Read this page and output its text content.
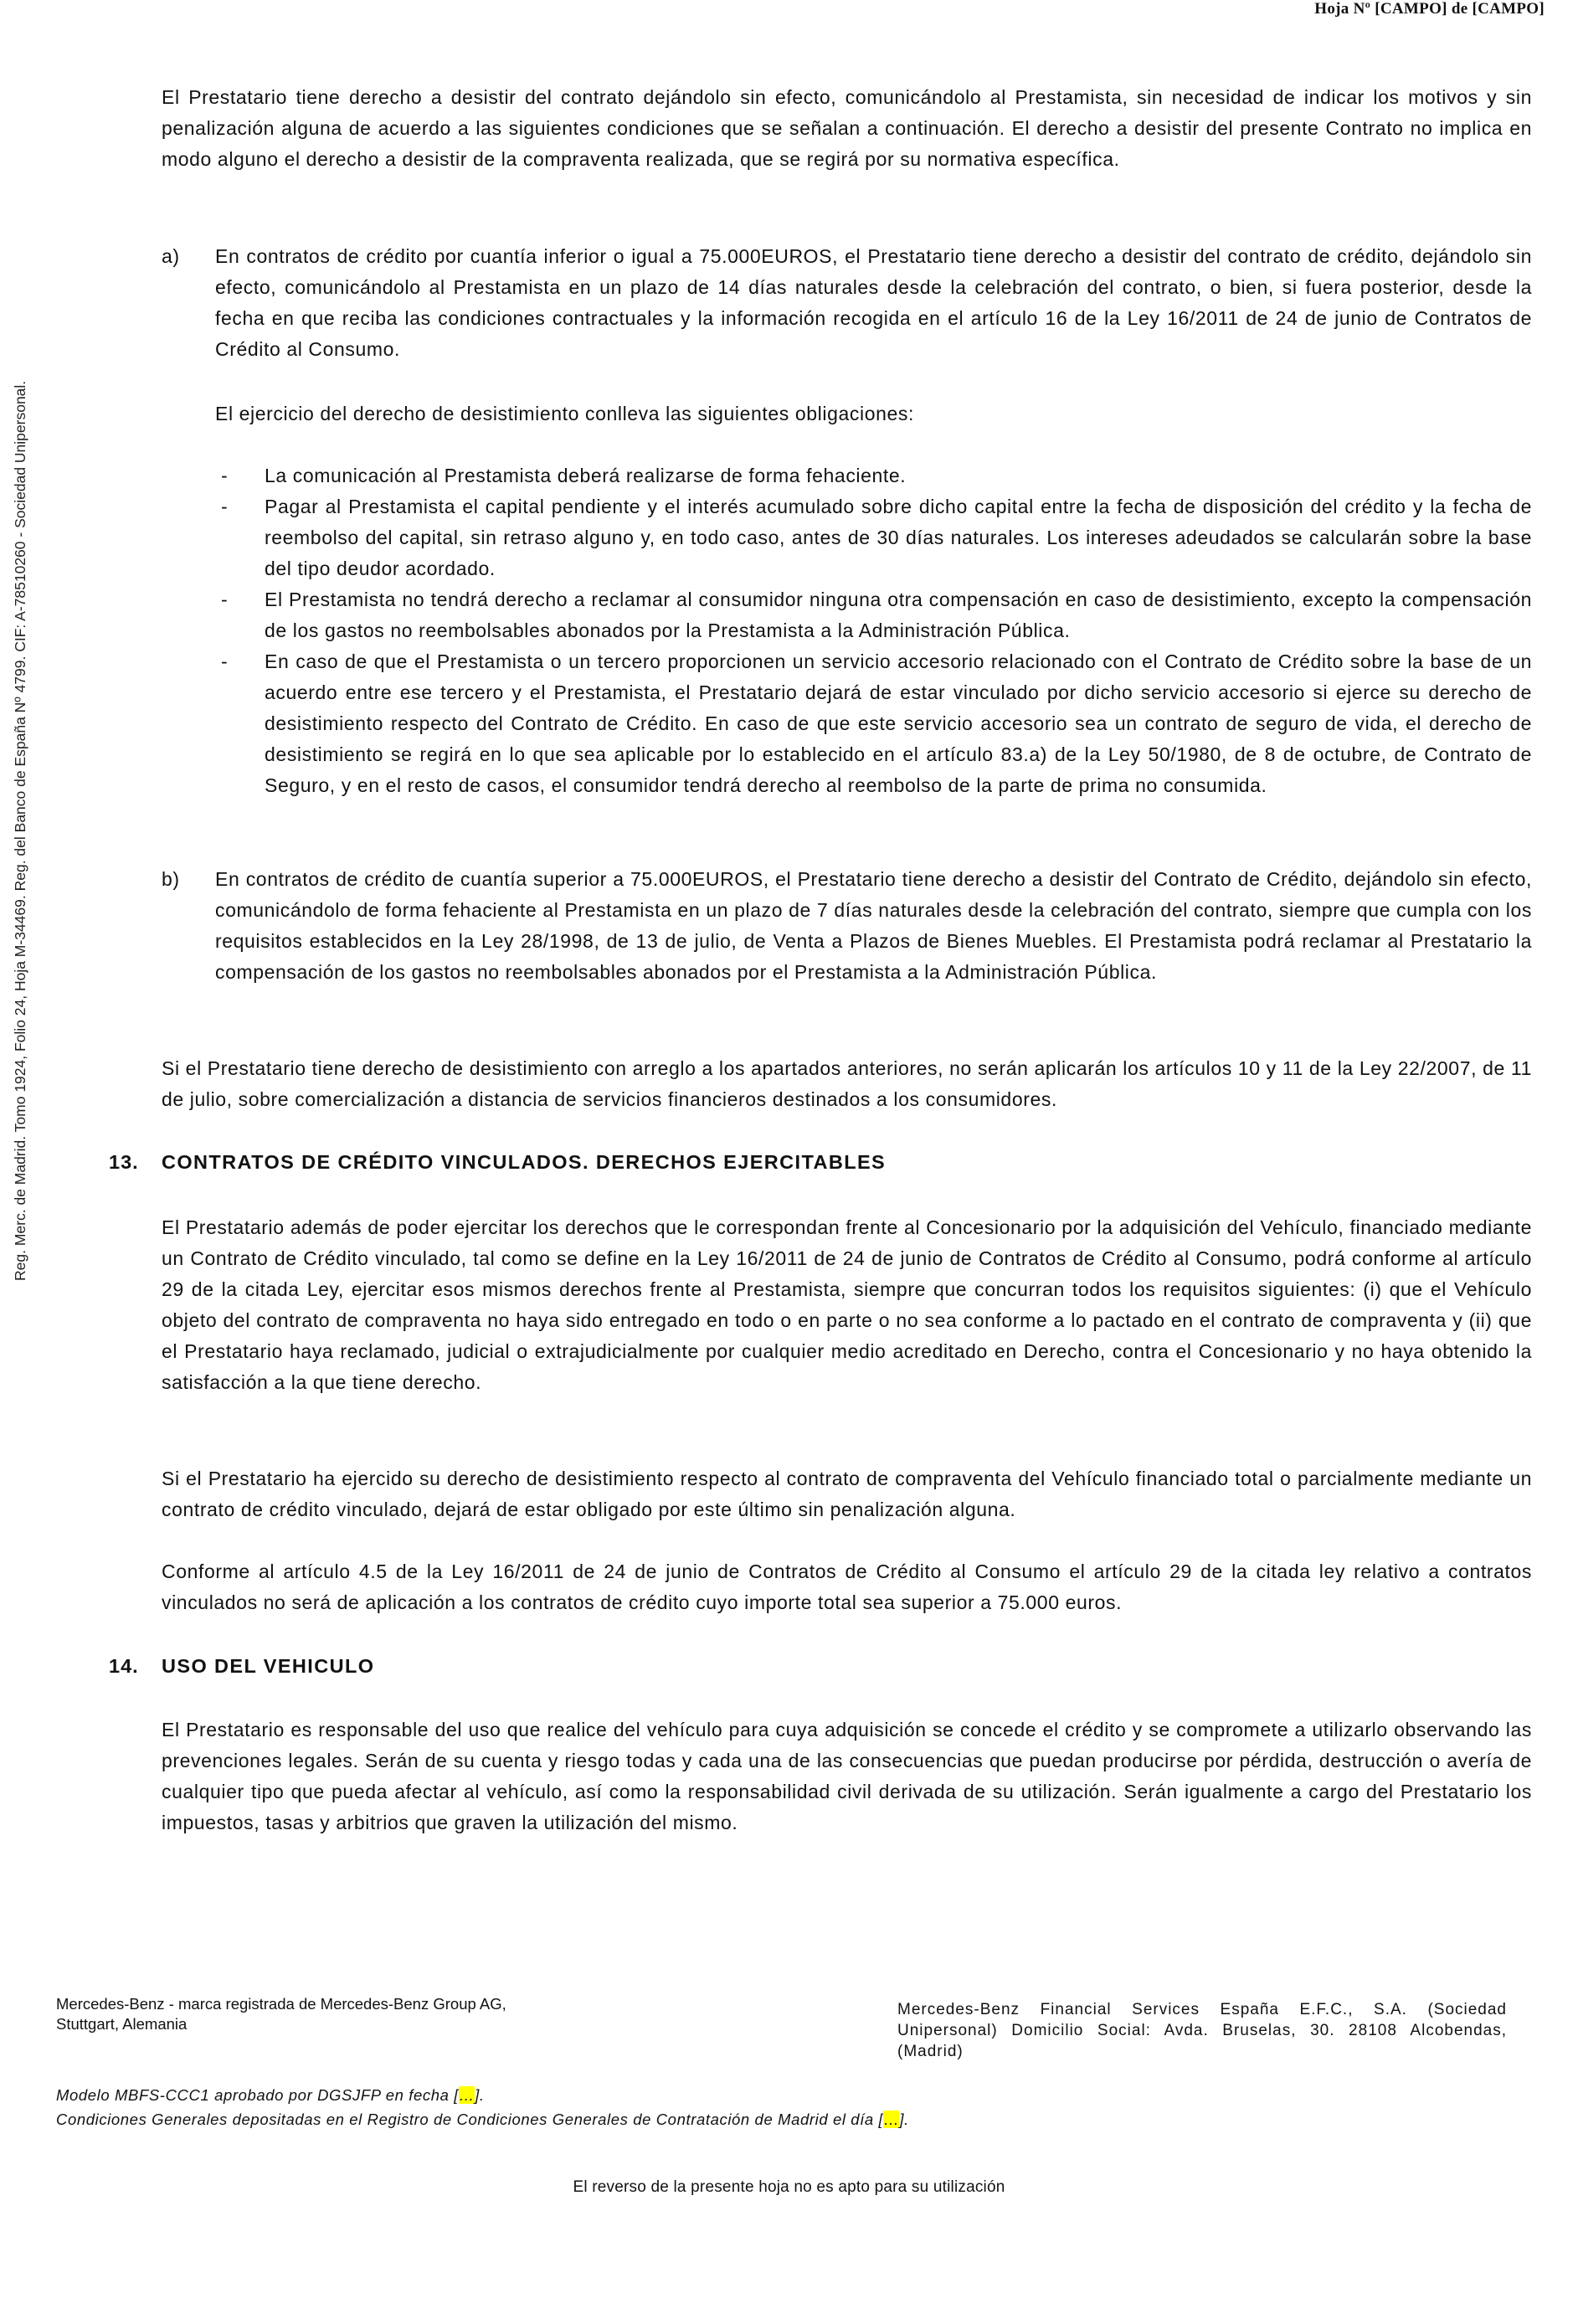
Hoja Nº [CAMPO] de [CAMPO]
Reg. Merc. de Madrid. Tomo 1924, Folio 24, Hoja M-34469. Reg. del Banco de España Nº 4799. CIF: A-78510260 - Sociedad Unipersonal.

El Prestatario tiene derecho a desistir del contrato dejándolo sin efecto, comunicándolo al Prestamista, sin necesidad de indicar los motivos y sin penalización alguna de acuerdo a las siguientes condiciones que se señalan a continuación. El derecho a desistir del presente Contrato no implica en modo alguno el derecho a desistir de la compraventa realizada, que se regirá por su normativa específica.

a) En contratos de crédito por cuantía inferior o igual a 75.000EUROS, el Prestatario tiene derecho a desistir del contrato de crédito, dejándolo sin efecto, comunicándolo al Prestamista en un plazo de 14 días naturales desde la celebración del contrato, o bien, si fuera posterior, desde la fecha en que reciba las condiciones contractuales y la información recogida en el artículo 16 de la Ley 16/2011 de 24 de junio de Contratos de Crédito al Consumo.

El ejercicio del derecho de desistimiento conlleva las siguientes obligaciones:

- La comunicación al Prestamista deberá realizarse de forma fehaciente.

- Pagar al Prestamista el capital pendiente y el interés acumulado sobre dicho capital entre la fecha de disposición del crédito y la fecha de reembolso del capital, sin retraso alguno y, en todo caso, antes de 30 días naturales. Los intereses adeudados se calcularán sobre la base del tipo deudor acordado.

- El Prestamista no tendrá derecho a reclamar al consumidor ninguna otra compensación en caso de desistimiento, excepto la compensación de los gastos no reembolsables abonados por la Prestamista a la Administración Pública.

- En caso de que el Prestamista o un tercero proporcionen un servicio accesorio relacionado con el Contrato de Crédito sobre la base de un acuerdo entre ese tercero y el Prestamista, el Prestatario dejará de estar vinculado por dicho servicio accesorio si ejerce su derecho de desistimiento respecto del Contrato de Crédito. En caso de que este servicio accesorio sea un contrato de seguro de vida, el derecho de desistimiento se regirá en lo que sea aplicable por lo establecido en el artículo 83.a) de la Ley 50/1980, de 8 de octubre, de Contrato de Seguro, y en el resto de casos, el consumidor tendrá derecho al reembolso de la parte de prima no consumida.

b) En contratos de crédito de cuantía superior a 75.000EUROS, el Prestatario tiene derecho a desistir del Contrato de Crédito, dejándolo sin efecto, comunicándolo de forma fehaciente al Prestamista en un plazo de 7 días naturales desde la celebración del contrato, siempre que cumpla con los requisitos establecidos en la Ley 28/1998, de 13 de julio, de Venta a Plazos de Bienes Muebles. El Prestamista podrá reclamar al Prestatario la compensación de los gastos no reembolsables abonados por el Prestamista a la Administración Pública.

Si el Prestatario tiene derecho de desistimiento con arreglo a los apartados anteriores, no serán aplicarán los artículos 10 y 11 de la Ley 22/2007, de 11 de julio, sobre comercialización a distancia de servicios financieros destinados a los consumidores.

13. CONTRATOS DE CRÉDITO VINCULADOS. DERECHOS EJERCITABLES

El Prestatario además de poder ejercitar los derechos que le correspondan frente al Concesionario por la adquisición del Vehículo, financiado mediante un Contrato de Crédito vinculado, tal como se define en la Ley 16/2011 de 24 de junio de Contratos de Crédito al Consumo, podrá conforme al artículo 29 de la citada Ley, ejercitar esos mismos derechos frente al Prestamista, siempre que concurran todos los requisitos siguientes: (i) que el Vehículo objeto del contrato de compraventa no haya sido entregado en todo o en parte o no sea conforme a lo pactado en el contrato de compraventa y (ii) que el Prestatario haya reclamado, judicial o extrajudicialmente por cualquier medio acreditado en Derecho, contra el Concesionario y no haya obtenido la satisfacción a la que tiene derecho.

Si el Prestatario ha ejercido su derecho de desistimiento respecto al contrato de compraventa del Vehículo financiado total o parcialmente mediante un contrato de crédito vinculado, dejará de estar obligado por este último sin penalización alguna.

Conforme al artículo 4.5 de la Ley 16/2011 de 24 de junio de Contratos de Crédito al Consumo el artículo 29 de la citada ley relativo a contratos vinculados no será de aplicación a los contratos de crédito cuyo importe total sea superior a 75.000 euros.

14. USO DEL VEHICULO

El Prestatario es responsable del uso que realice del vehículo para cuya adquisición se concede el crédito y se compromete a utilizarlo observando las prevenciones legales. Serán de su cuenta y riesgo todas y cada una de las consecuencias que puedan producirse por pérdida, destrucción o avería de cualquier tipo que pueda afectar al vehículo, así como la responsabilidad civil derivada de su utilización. Serán igualmente a cargo del Prestatario los impuestos, tasas y arbitrios que graven la utilización del mismo.

Mercedes-Benz - marca registrada de Mercedes-Benz Group AG,
Stuttgart, Alemania
Mercedes-Benz Financial Services España E.F.C., S.A. (Sociedad Unipersonal) Domicilio Social: Avda. Bruselas, 30. 28108 Alcobendas, (Madrid)
Modelo MBFS-CCC1 aprobado por DGSJFP en fecha […].
Condiciones Generales depositadas en el Registro de Condiciones Generales de Contratación de Madrid el día […].
El reverso de la presente hoja no es apto para su utilización
